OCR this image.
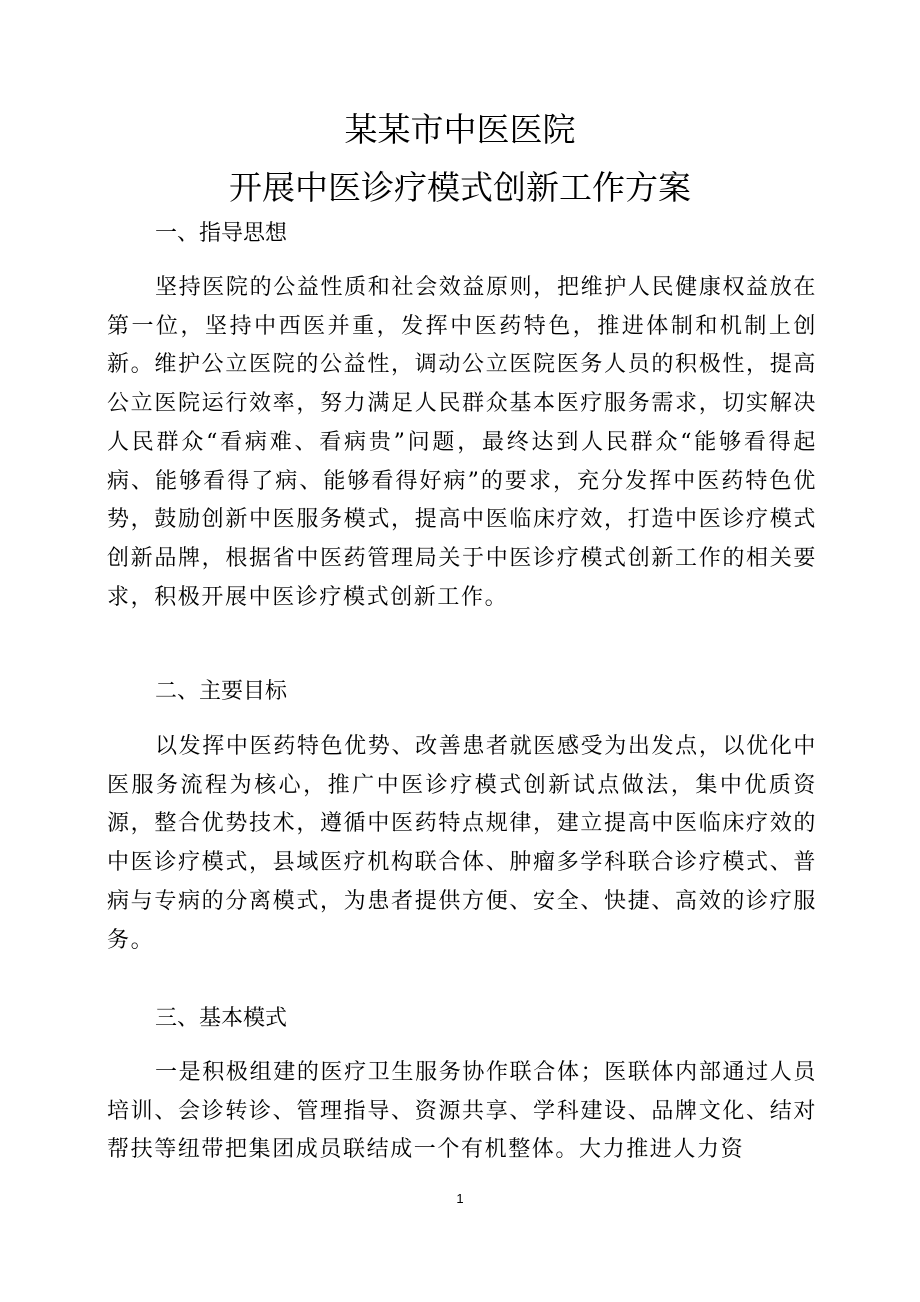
某某市中医医院
开展中医诊疗模式创新工作方案
一、指导思想

坚持医院的公益性质和社会效益原则，把维护人民健康权益放在第一位，坚持中西医并重，发挥中医药特色，推进体制和机制上创新。维护公立医院的公益性，调动公立医院医务人员的积极性，提高公立医院运行效率，努力满足人民群众基本医疗服务需求，切实解决人民群众“看病难、看病贵”问题，最终达到人民群众“能够看得起病、能够看得了病、能够看得好病”的要求，充分发挥中医药特色优势，鼓励创新中医服务模式，提高中医临床疗效，打造中医诊疗模式创新品牌，根据省中医药管理局关于中医诊疗模式创新工作的相关要求，积极开展中医诊疗模式创新工作。

二、主要目标

以发挥中医药特色优势、改善患者就医感受为出发点，以优化中医服务流程为核心，推广中医诊疗模式创新试点做法，集中优质资源，整合优势技术，遵循中医药特点规律，建立提高中医临床疗效的中医诊疗模式，县域医疗机构联合体、肿瘤多学科联合诊疗模式、普病与专病的分离模式，为患者提供方便、安全、快捷、高效的诊疗服务。

三、基本模式

一是积极组建的医疗卫生服务协作联合体；医联体内部通过人员培训、会诊转诊、管理指导、资源共享、学科建设、品牌文化、结对帮扶等纽带把集团成员联结成一个有机整体。大力推进人力资

1
